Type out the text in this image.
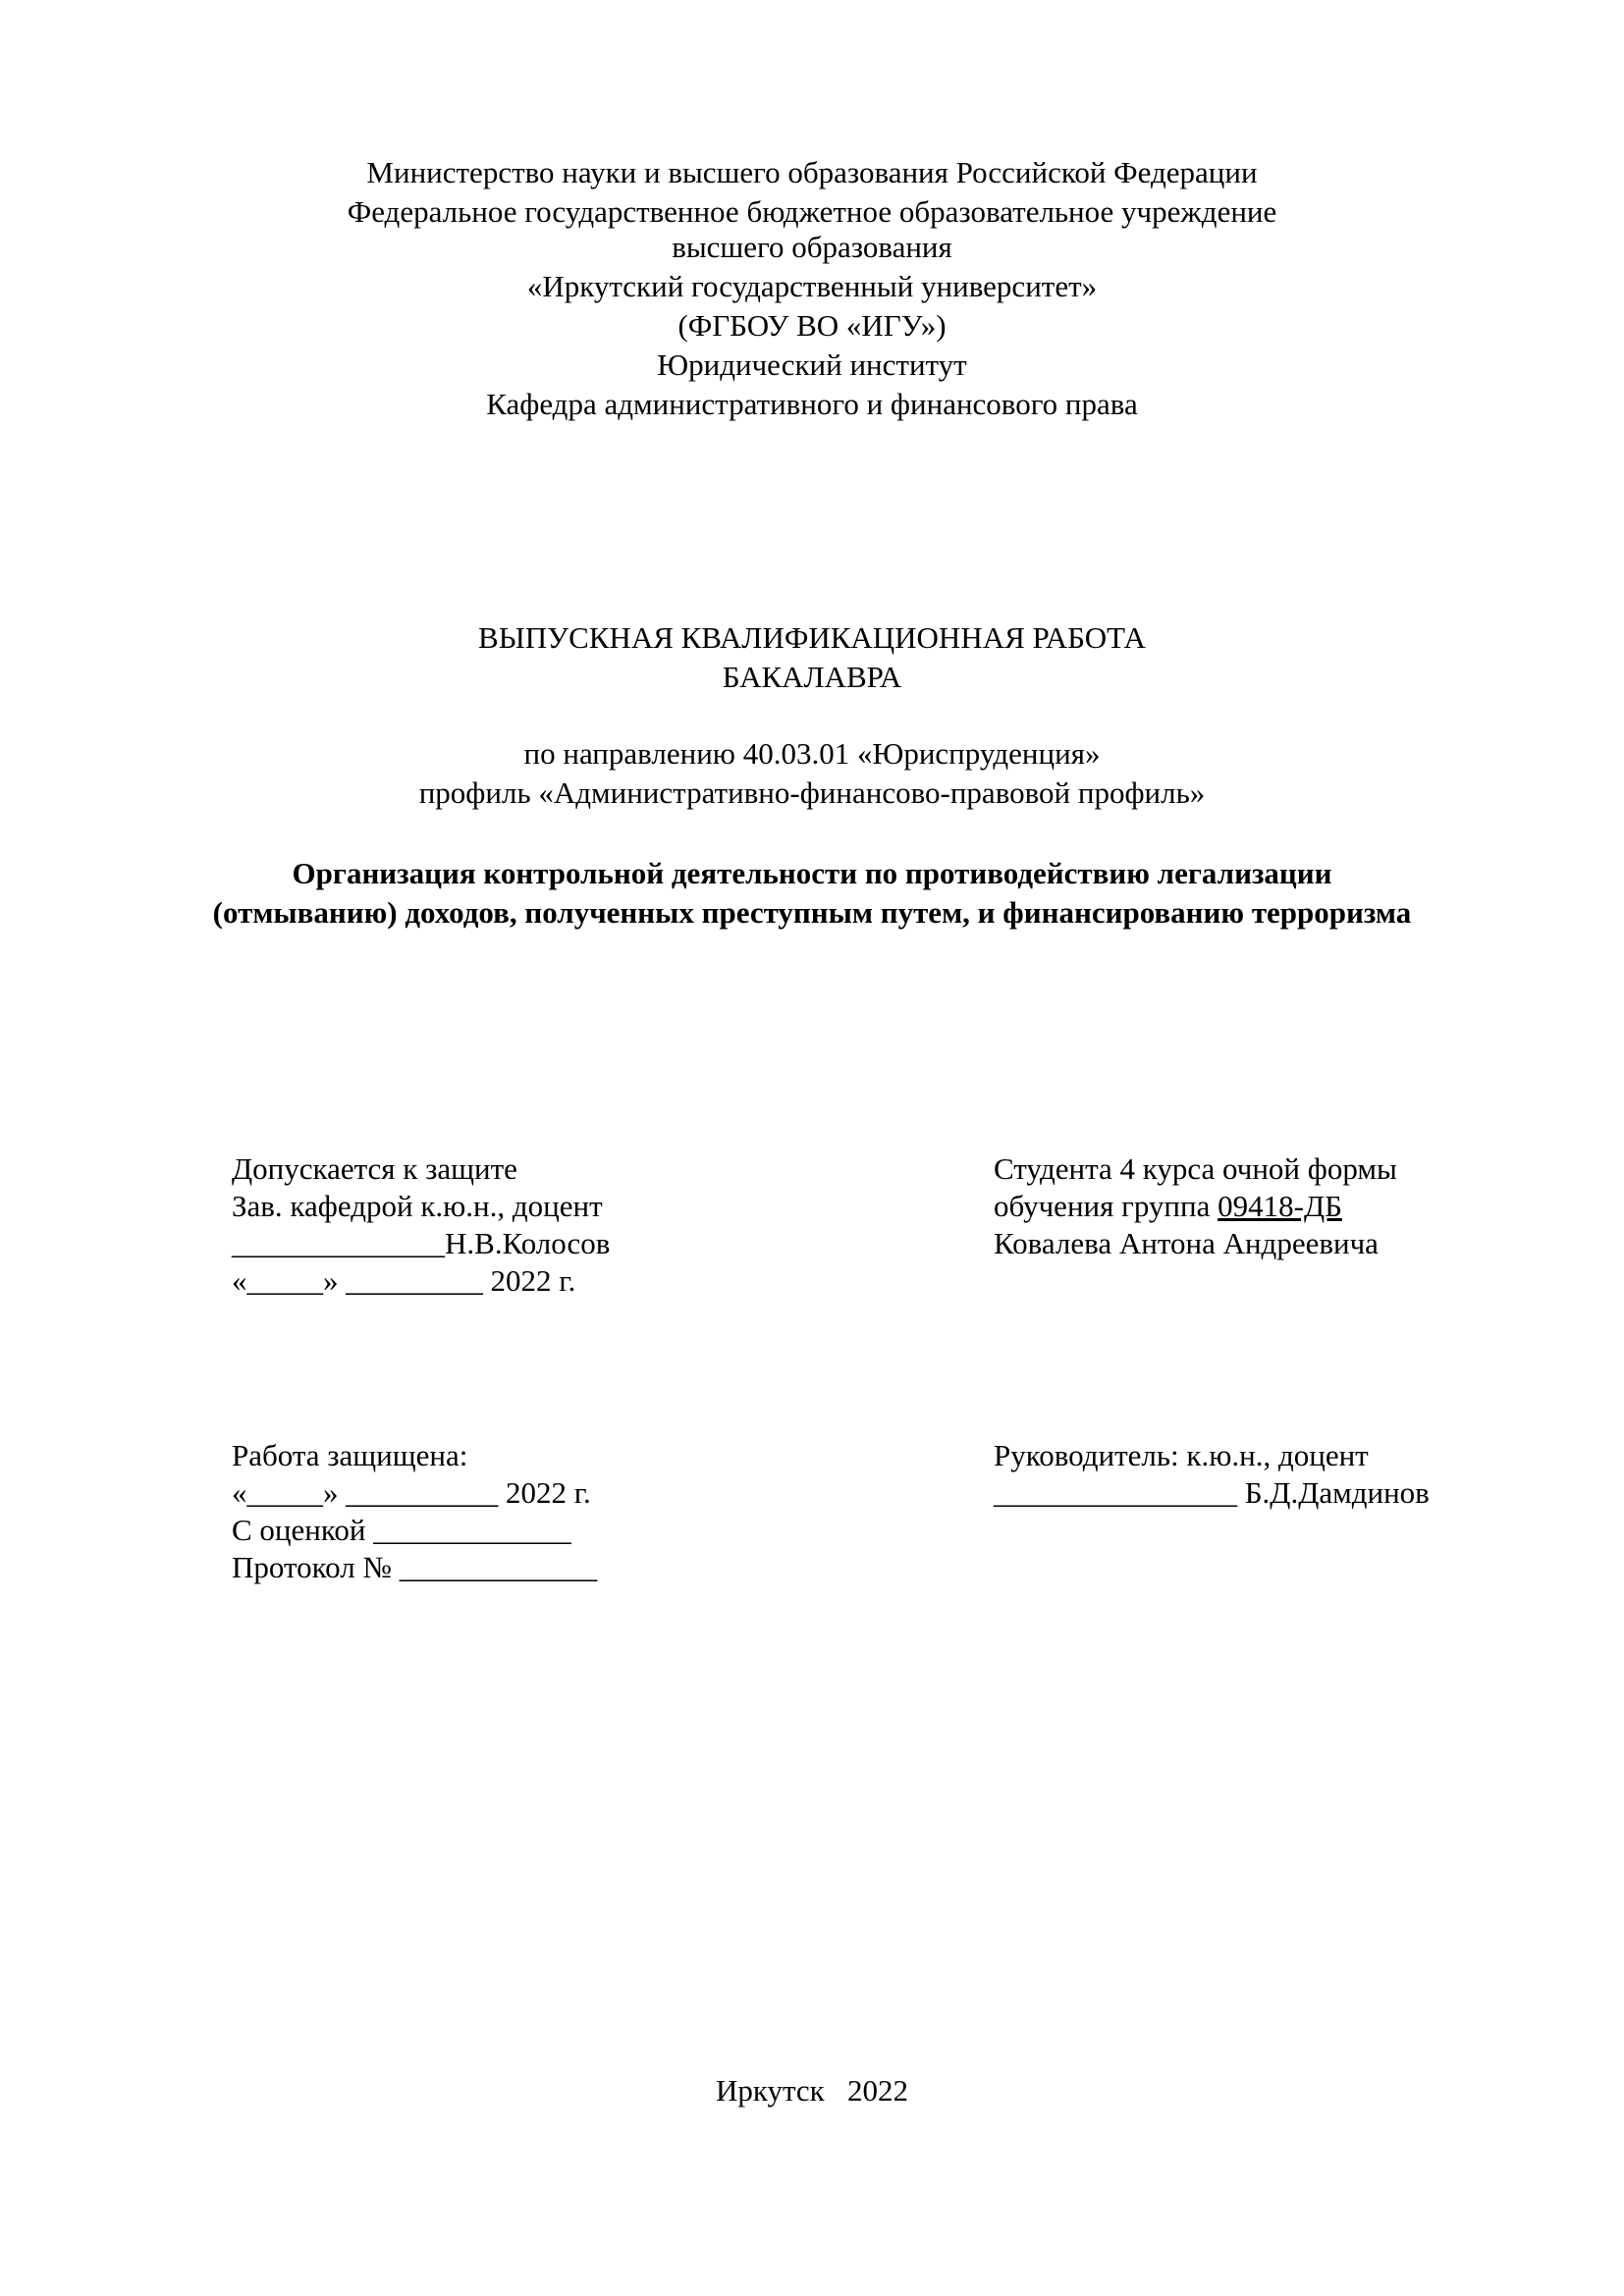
Министерство науки и высшего образования Российской Федерации
Федеральное государственное бюджетное образовательное учреждение
высшего образования
«Иркутский государственный университет»
(ФГБОУ ВО «ИГУ»)
Юридический институт
Кафедра административного и финансового права
ВЫПУСКНАЯ КВАЛИФИКАЦИОННАЯ РАБОТА
БАКАЛАВРА
по направлению 40.03.01 «Юриспруденция»
профиль «Административно-финансово-правовой профиль»
Организация контрольной деятельности по противодействию легализации
(отмыванию) доходов, полученных преступным путем, и финансированию терроризма
Допускается к защите
Зав. кафедрой к.ю.н., доцент
______________Н.В.Колосов
«_____» _________ 2022 г.
Студента 4 курса очной формы
обучения группа 09418-ДБ
Ковалева Антона Андреевича
Работа защищена:
«_____» __________ 2022 г.
С оценкой _____________
Протокол № _____________
Руководитель: к.ю.н., доцент
________________ Б.Д.Дамдинов
Иркутск   2022
